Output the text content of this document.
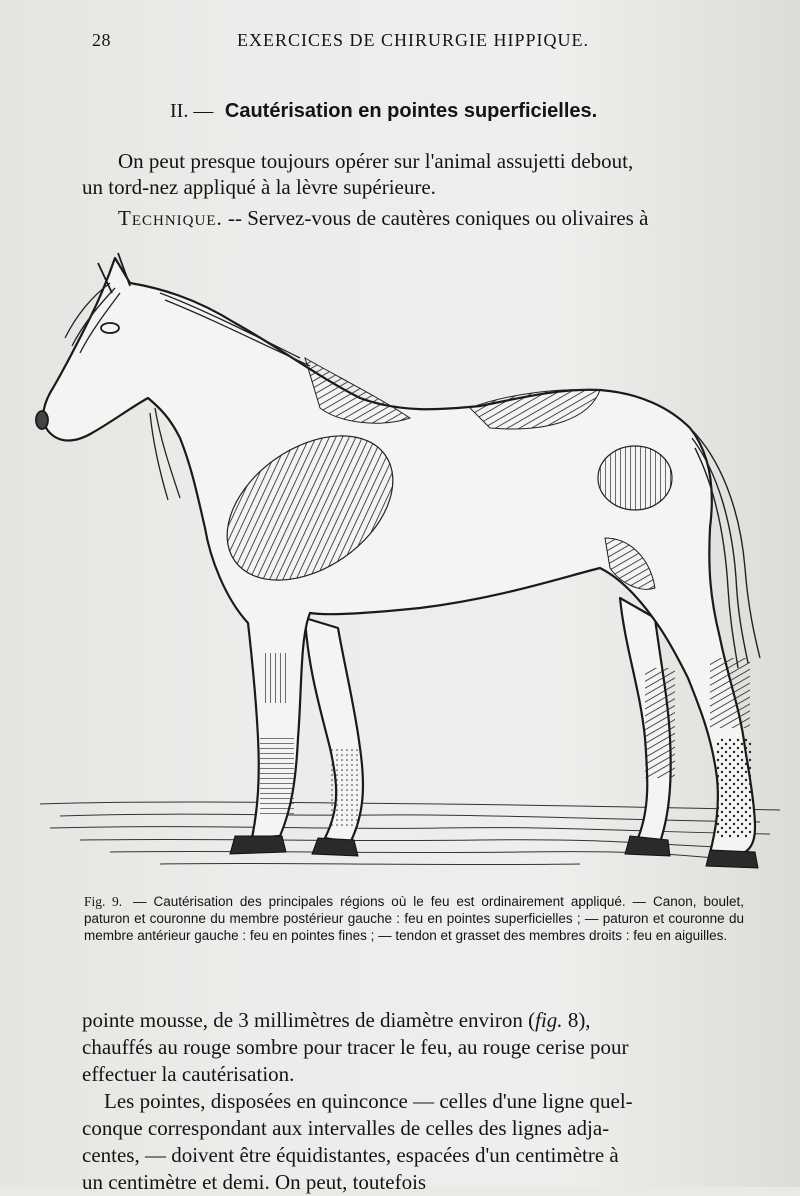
28	EXERCICES DE CHIRURGIE HIPPIQUE.
II. — Cautérisation en pointes superficielles.
On peut presque toujours opérer sur l'animal assujetti debout,
un tord-nez appliqué à la lèvre supérieure.
Technique. -- Servez-vous de cautères coniques ou olivaires à
Fig. 9. — Cautérisation des principales régions où le feu est ordinairement appliqué. — Canon, boulet, paturon et couronne du membre postérieur gauche : feu en pointes superficielles ; — paturon et couronne du membre antérieur gauche : feu en pointes fines ; — tendon et grasset des membres droits : feu en aiguilles.
pointe mousse, de 3 millimètres de diamètre environ (fig. 8),
chauffés au rouge sombre pour tracer le feu, au rouge cerise pour
effectuer la cautérisation.
Les pointes, disposées en quinconce — celles d'une ligne quel-
conque correspondant aux intervalles de celles des lignes adja-
centes, — doivent être équidistantes, espacées d'un centimètre à
un centimètre et demi. On peut, toutefois
